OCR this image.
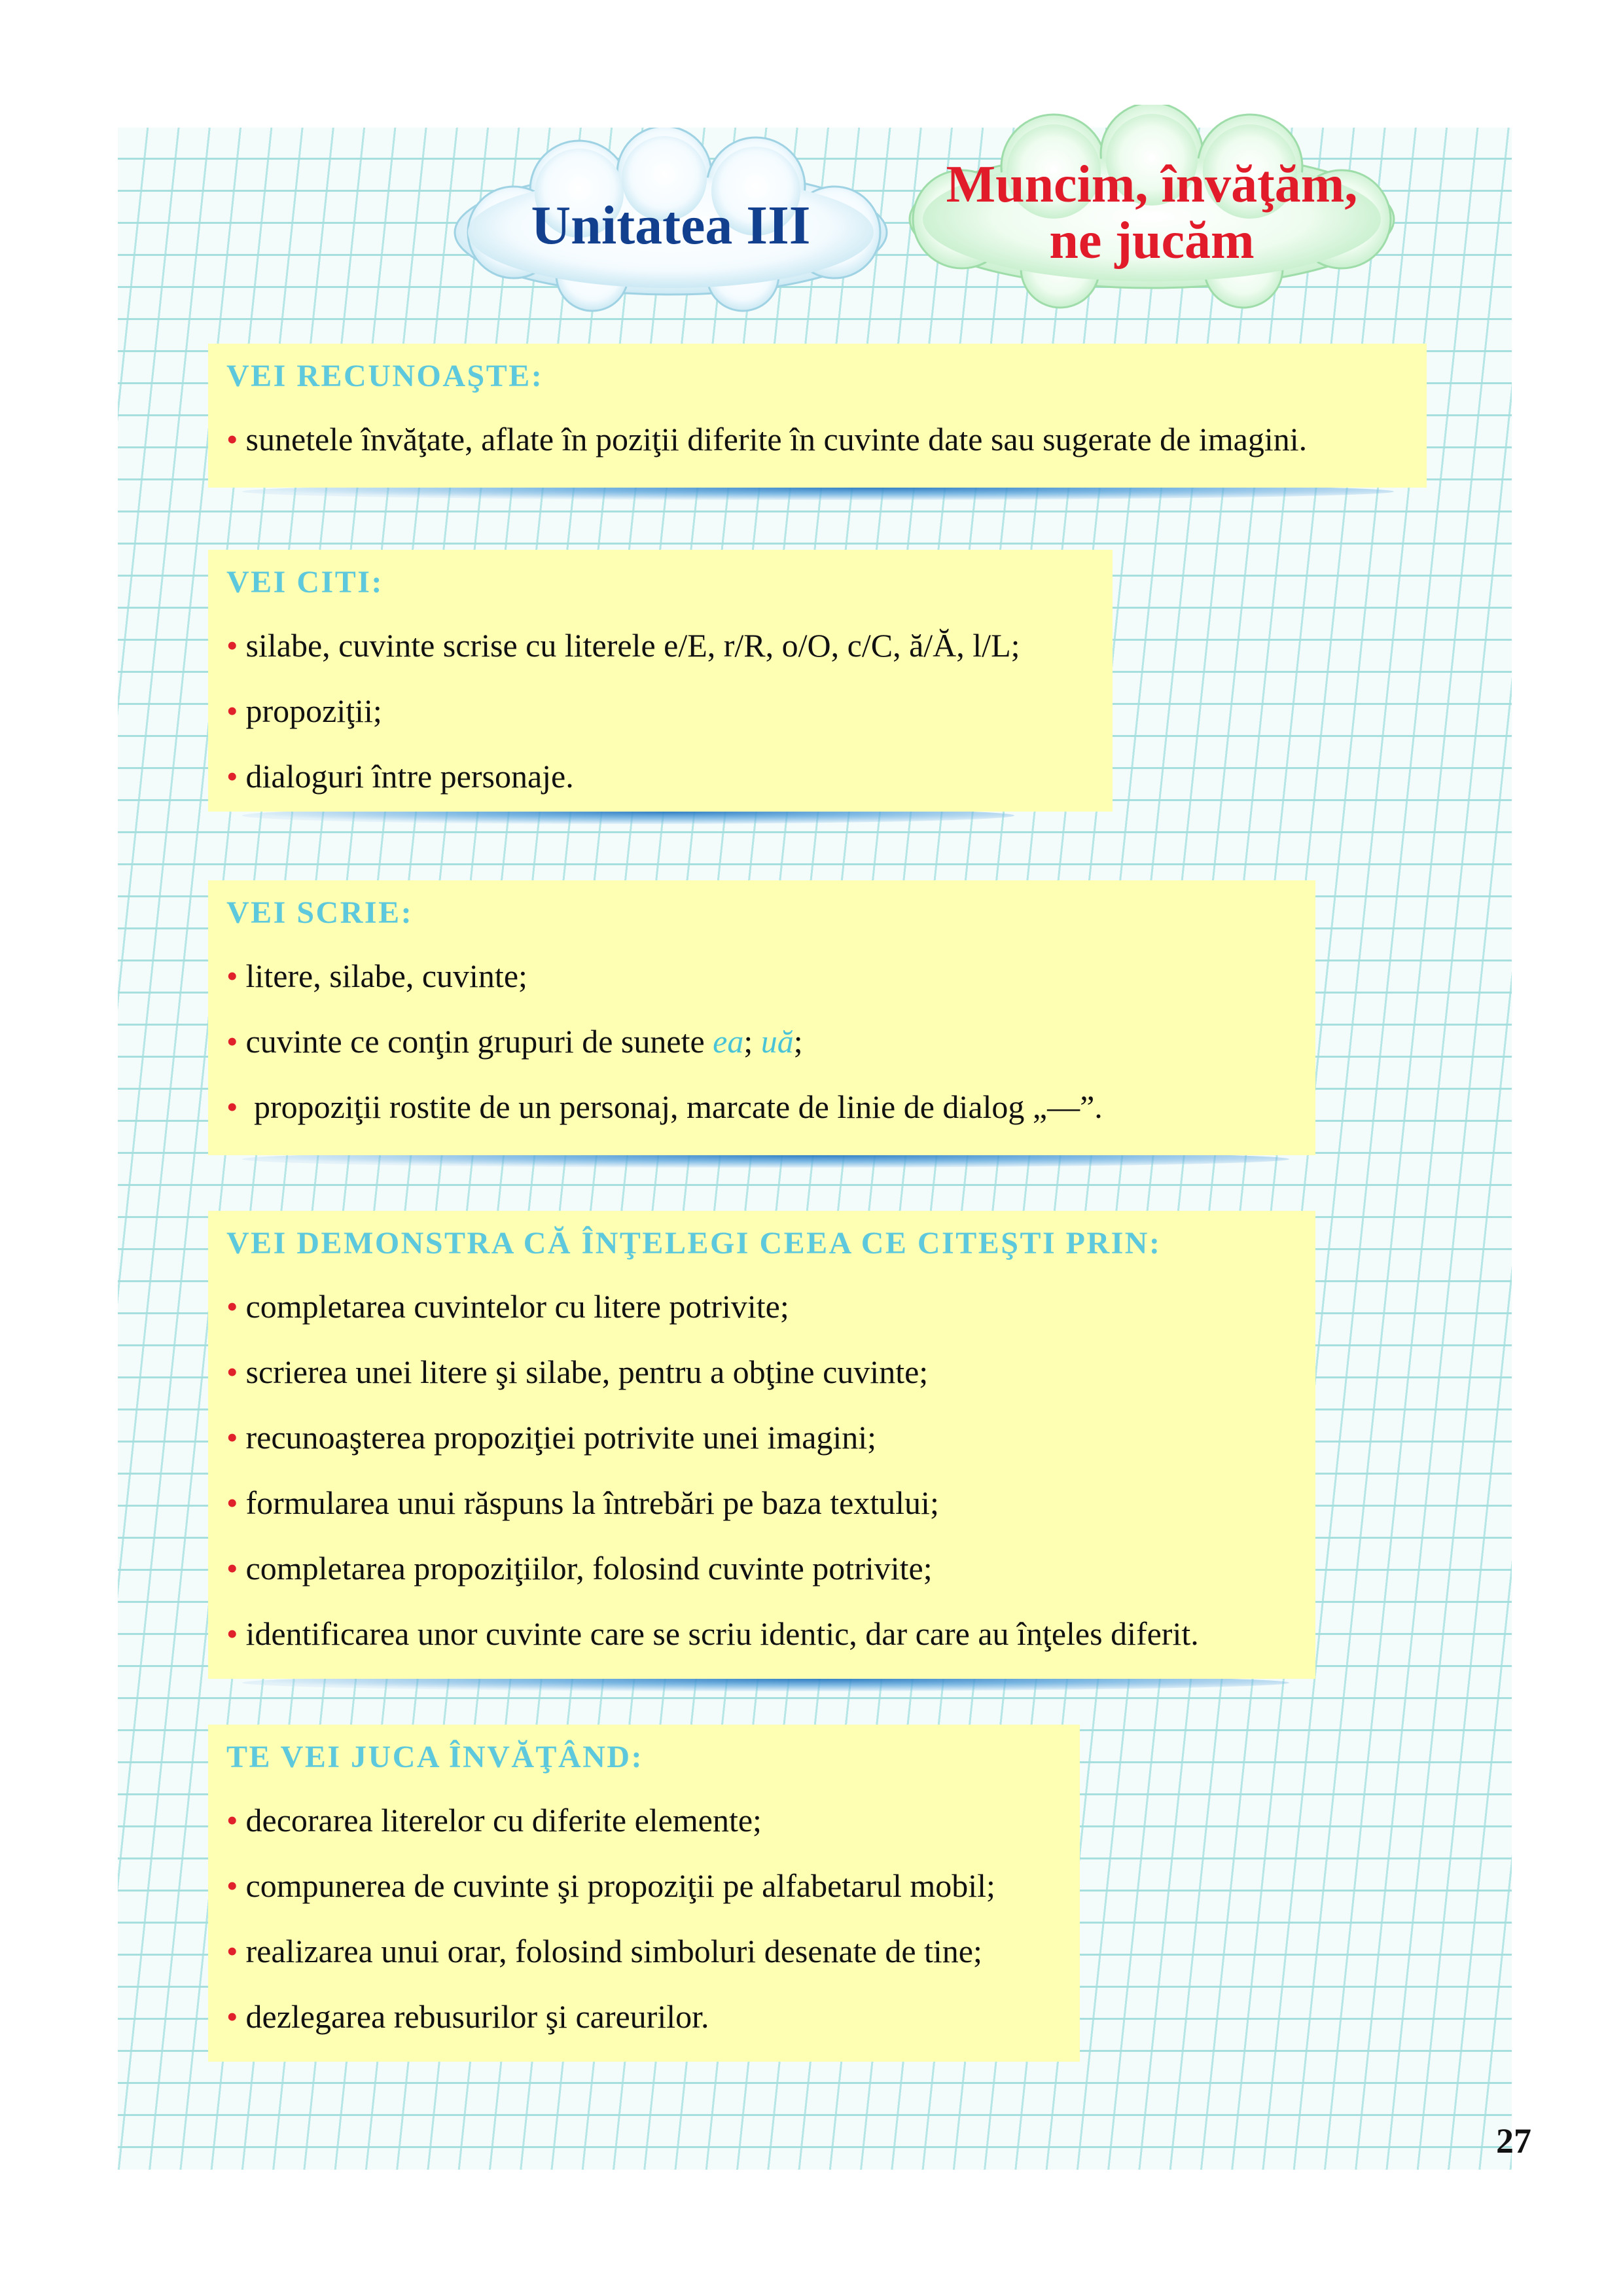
Unitatea III
Muncim, învăţăm,
ne jucăm
VEI RECUNOAŞTE:
• sunetele învăţate, aflate în poziţii diferite în cuvinte date sau sugerate de imagini.
VEI CITI:
• silabe, cuvinte scrise cu literele e/E, r/R, o/O, c/C, ă/Ă, l/L;
• propoziţii;
• dialoguri între personaje.
VEI SCRIE:
• litere, silabe, cuvinte;
• cuvinte ce conţin grupuri de sunete ea; uă;
• propoziţii rostite de un personaj, marcate de linie de dialog „—”.
VEI DEMONSTRA CĂ ÎNŢELEGI CEEA CE CITEŞTI PRIN:
• completarea cuvintelor cu litere potrivite;
• scrierea unei litere şi silabe, pentru a obţine cuvinte;
• recunoaşterea propoziţiei potrivite unei imagini;
• formularea unui răspuns la întrebări pe baza textului;
• completarea propoziţiilor, folosind cuvinte potrivite;
• identificarea unor cuvinte care se scriu identic, dar care au înţeles diferit.
TE VEI JUCA ÎNVĂŢÂND:
• decorarea literelor cu diferite elemente;
• compunerea de cuvinte şi propoziţii pe alfabetarul mobil;
• realizarea unui orar, folosind simboluri desenate de tine;
• dezlegarea rebusurilor şi careurilor.
27
